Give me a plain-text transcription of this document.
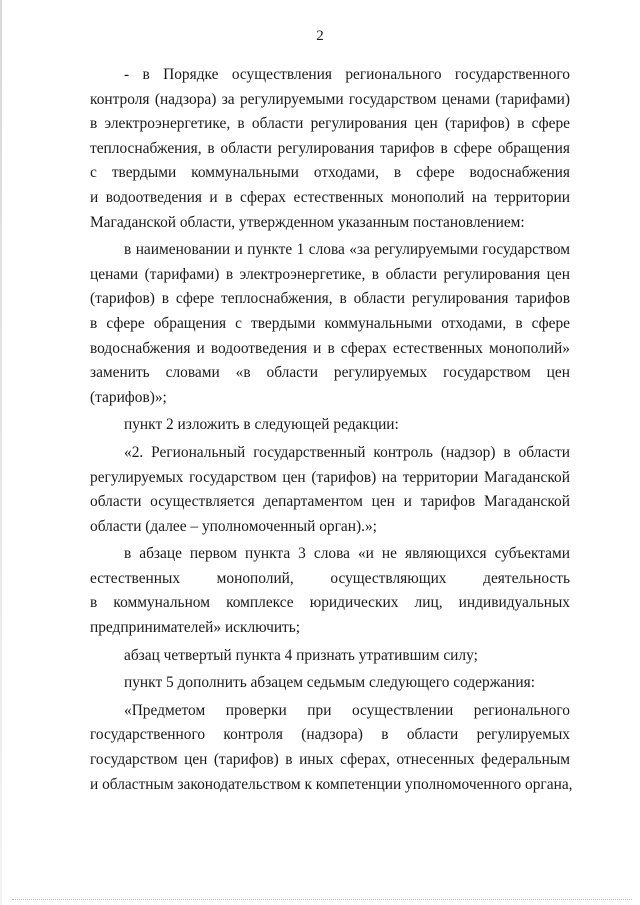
2
- в Порядке осуществления регионального государственного
контроля (надзора) за регулируемыми государством ценами (тарифами)
в электроэнергетике, в области регулирования цен (тарифов) в сфере
теплоснабжения, в области регулирования тарифов в сфере обращения
с твердыми коммунальными отходами, в сфере водоснабжения
и водоотведения и в сферах естественных монополий на территории
Магаданской области, утвержденном указанным постановлением:
в наименовании и пункте 1 слова «за регулируемыми государством
ценами (тарифами) в электроэнергетике, в области регулирования цен
(тарифов) в сфере теплоснабжения, в области регулирования тарифов
в сфере обращения с твердыми коммунальными отходами, в сфере
водоснабжения и водоотведения и в сферах естественных монополий»
заменить словами «в области регулируемых государством цен
(тарифов)»;
пункт 2 изложить в следующей редакции:
«2. Региональный государственный контроль (надзор) в области
регулируемых государством цен (тарифов) на территории Магаданской
области осуществляется департаментом цен и тарифов Магаданской
области (далее – уполномоченный орган).»;
в абзаце первом пункта 3 слова «и не являющихся субъектами
естественных монополий, осуществляющих деятельность
в коммунальном комплексе юридических лиц, индивидуальных
предпринимателей» исключить;
абзац четвертый пункта 4 признать утратившим силу;
пункт 5 дополнить абзацем седьмым следующего содержания:
«Предметом проверки при осуществлении регионального
государственного контроля (надзора) в области регулируемых
государством цен (тарифов) в иных сферах, отнесенных федеральным
и областным законодательством к компетенции уполномоченного органа,
